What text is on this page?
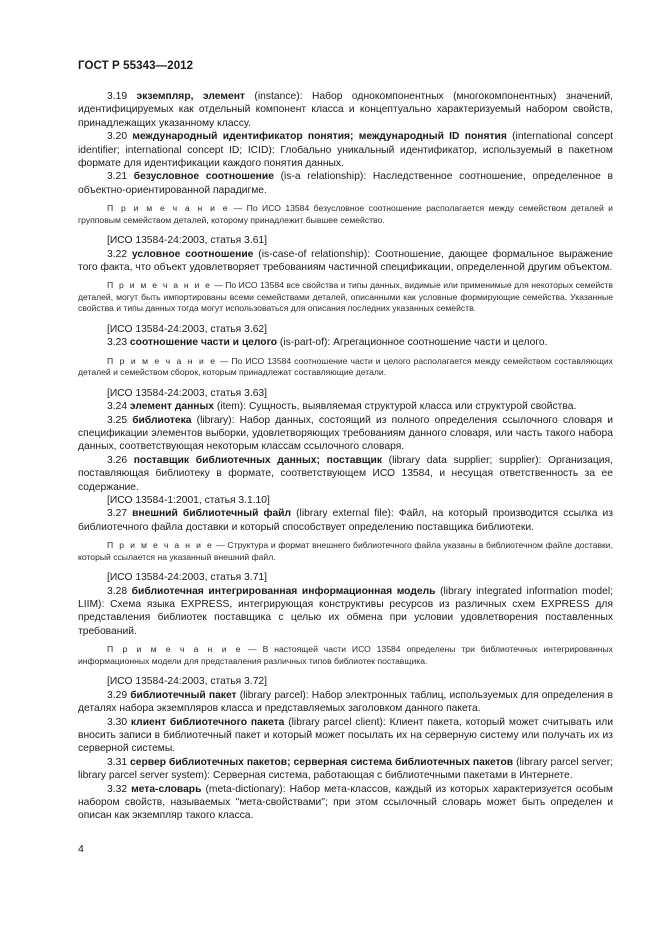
ГОСТ Р 55343—2012

3.19 экземпляр, элемент (instance): Набор однокомпонентных (многокомпонентных) значений, идентифицируемых как отдельный компонент класса и концептуально характеризуемый набором свойств, принадлежащих указанному классу.

3.20 международный идентификатор понятия; международный ID понятия (international concept identifier; international concept ID; ICID): Глобально уникальный идентификатор, используемый в пакетном формате для идентификации каждого понятия данных.

3.21 безусловное соотношение (is-a relationship): Наследственное соотношение, определенное в объектно-ориентированной парадигме.

П р и м е ч а н и е — По ИСО 13584 безусловное соотношение располагается между семейством деталей и групповым семейством деталей, которому принадлежит бывшее семейство.

[ИСО 13584-24:2003, статья 3.61]

3.22 условное соотношение (is-case-of relationship): Соотношение, дающее формальное выражение того факта, что объект удовлетворяет требованиям частичной спецификации, определенной другим объектом.

П р и м е ч а н и е — По ИСО 13584 все свойства и типы данных, видимые или применимые для некоторых семейств деталей, могут быть импортированы всеми семействами деталей, описанными как условные формирующие семейства. Указанные свойства и типы данных тогда могут использоваться для описания последних указанных семейств.

[ИСО 13584-24:2003, статья 3.62]

3.23 соотношение части и целого (is-part-of): Агрегационное соотношение части и целого.

П р и м е ч а н и е — По ИСО 13584 соотношение части и целого располагается между семейством составляющих деталей и семейством сборок, которым принадлежат составляющие детали.

[ИСО 13584-24:2003, статья 3.63]

3.24 элемент данных (item): Сущность, выявляемая структурой класса или структурой свойства.

3.25 библиотека (library): Набор данных, состоящий из полного определения ссылочного словаря и спецификации элементов выборки, удовлетворяющих требованиям данного словаря, или часть такого набора данных, соответствующая некоторым классам ссылочного словаря.

3.26 поставщик библиотечных данных; поставщик (library data supplier; supplier): Организация, поставляющая библиотеку в формате, соответствующем ИСО 13584, и несущая ответственность за ее содержание.

[ИСО 13584-1:2001, статья 3.1.10]

3.27 внешний библиотечный файл (library external file): Файл, на который производится ссылка из библиотечного файла доставки и который способствует определению поставщика библиотеки.

П р и м е ч а н и е — Структура и формат внешнего библиотечного файла указаны в библиотечном файле доставки, который ссылается на указанный внешний файл.

[ИСО 13584-24:2003, статья 3.71]

3.28 библиотечная интегрированная информационная модель (library integrated information model; LIIM): Схема языка EXPRESS, интегрирующая конструктивы ресурсов из различных схем EXPRESS для представления библиотек поставщика с целью их обмена при условии удовлетворения поставленных требований.

П р и м е ч а н и е — В настоящей части ИСО 13584 определены три библиотечных интегрированных информационных модели для представления различных типов библиотек поставщика.

[ИСО 13584-24:2003, статья 3.72]

3.29 библиотечный пакет (library parcel): Набор электронных таблиц, используемых для определения в деталях набора экземпляров класса и представляемых заголовком данного пакета.

3.30 клиент библиотечного пакета (library parcel client): Клиент пакета, который может считывать или вносить записи в библиотечный пакет и который может посылать их на серверную систему или получать их из серверной системы.

3.31 сервер библиотечных пакетов; серверная система библиотечных пакетов (library parcel server; library parcel server system): Серверная система, работающая с библиотечными пакетами в Интернете.

3.32 мета-словарь (meta-dictionary): Набор мета-классов, каждый из которых характеризуется особым набором свойств, называемых "мета-свойствами"; при этом ссылочный словарь может быть определен и описан как экземпляр такого класса.

4
